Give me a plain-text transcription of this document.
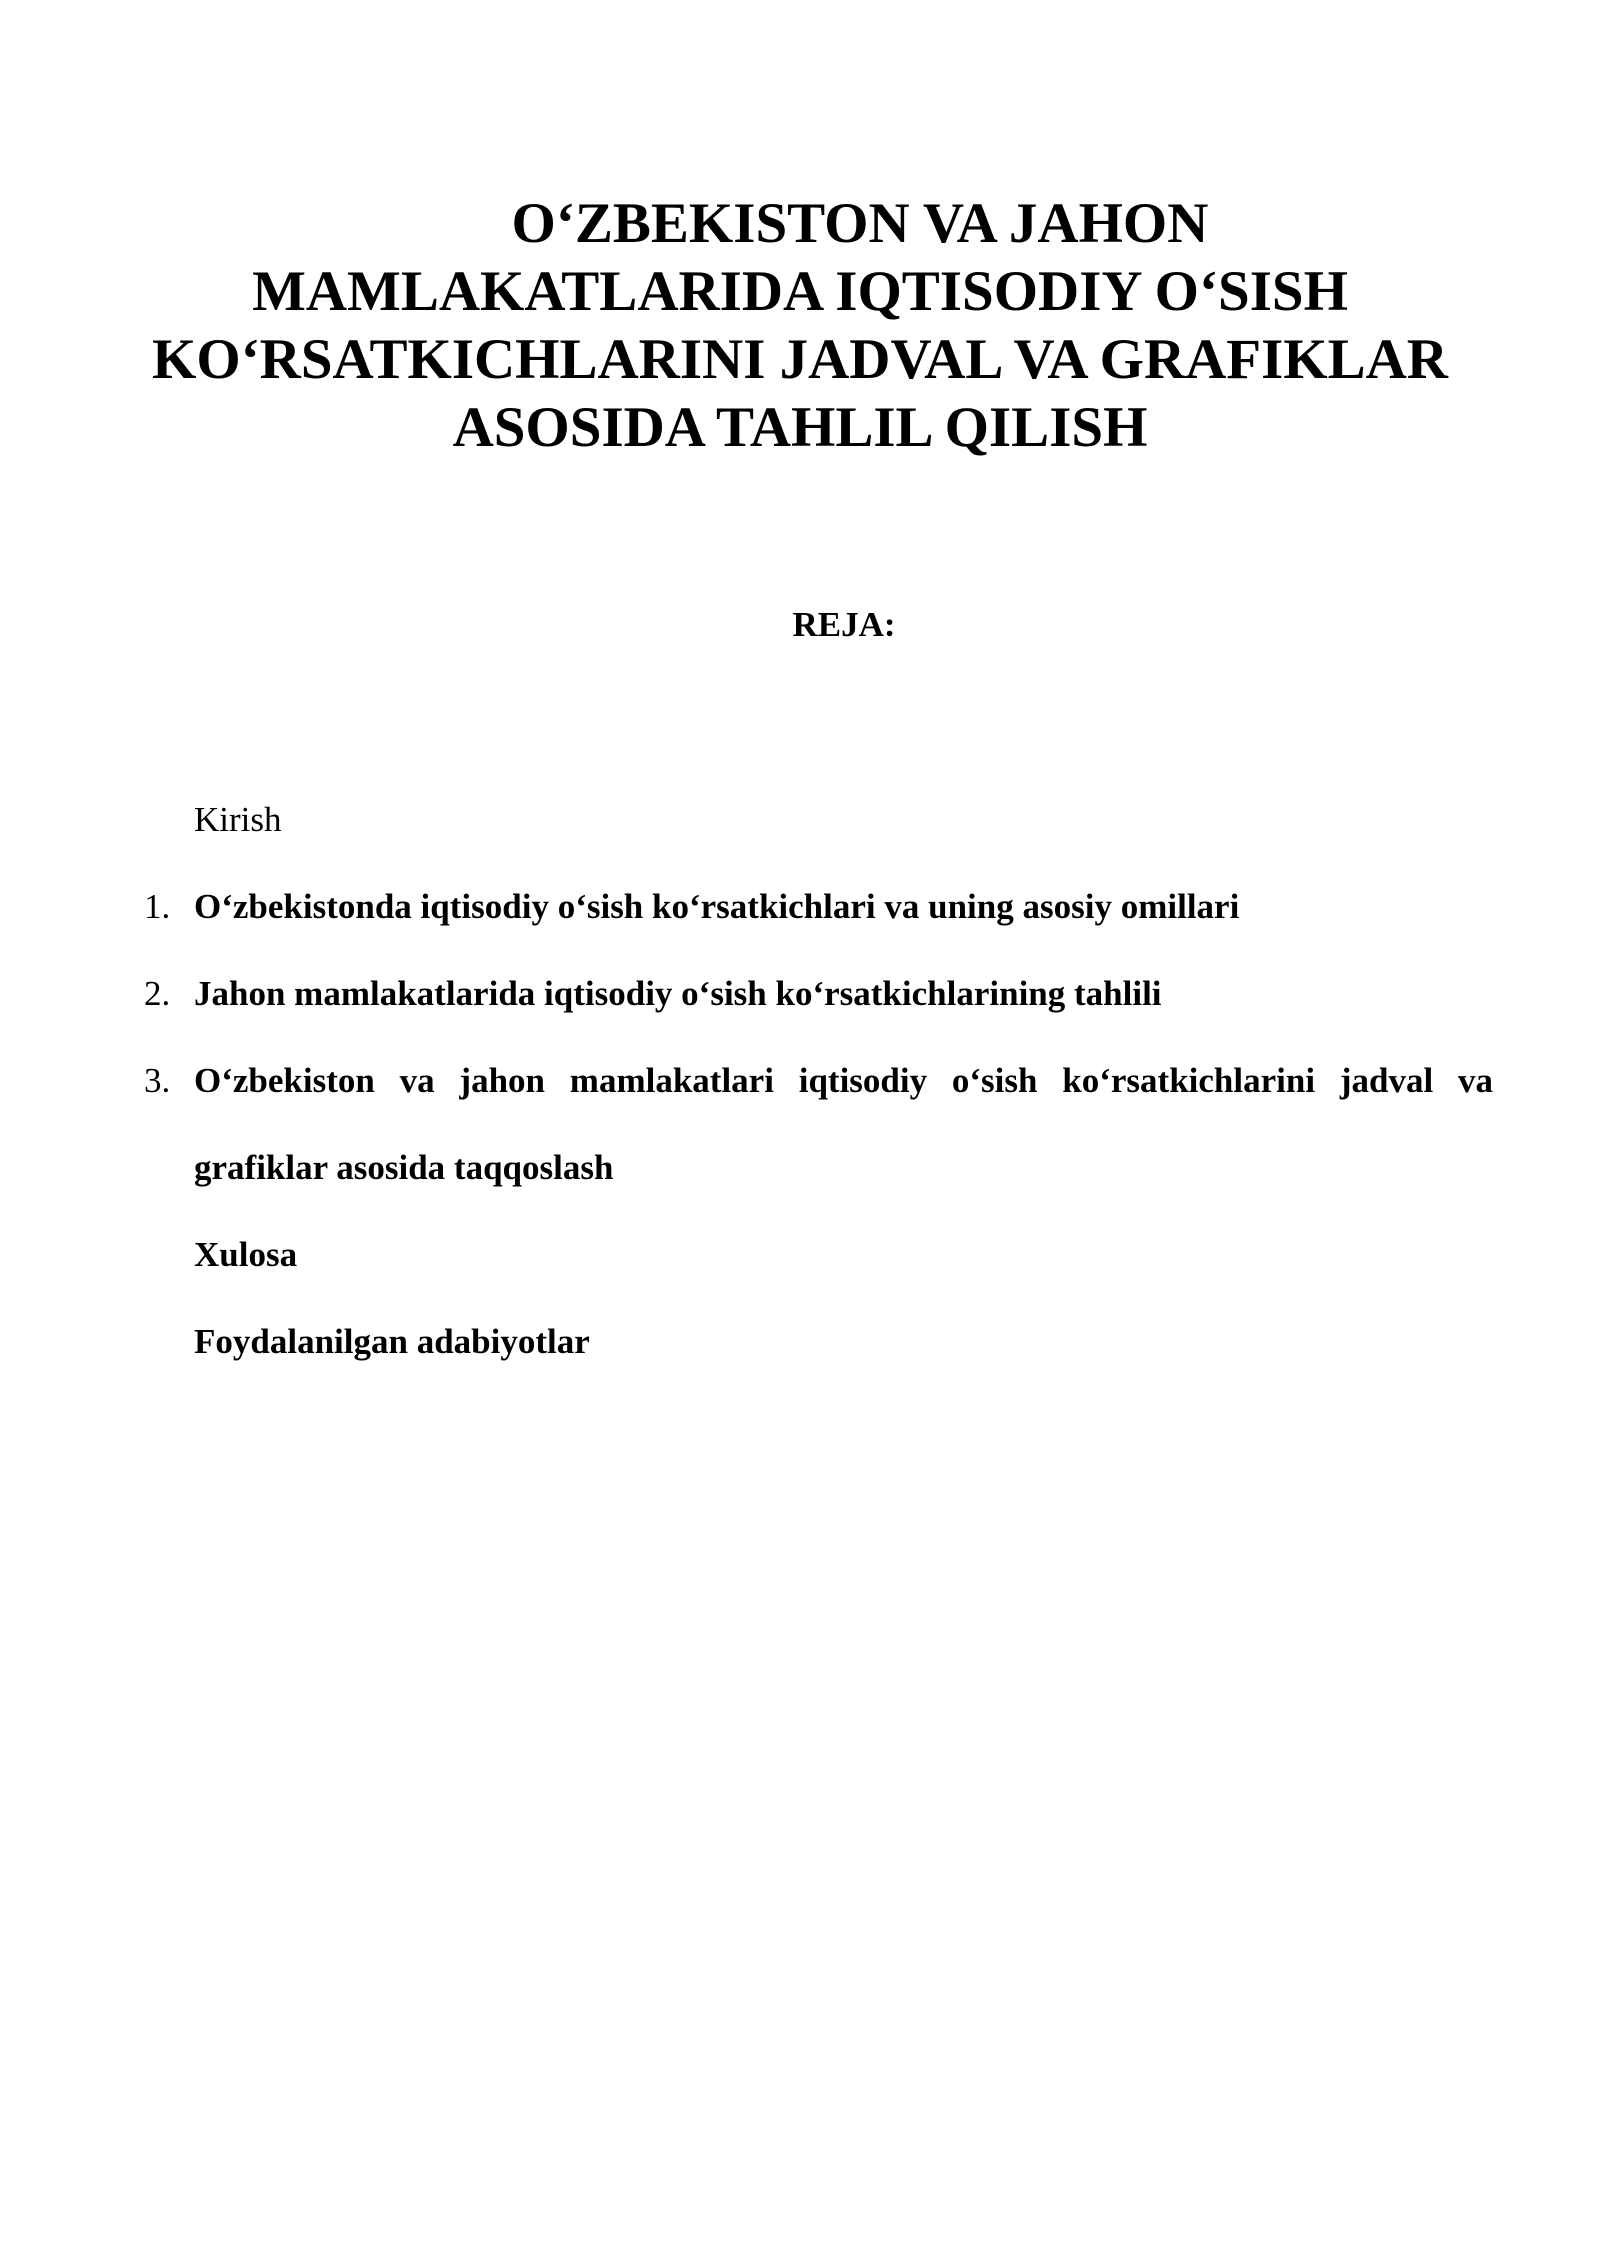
O‘ZBEKISTON VA JAHON
MAMLAKATLARIDA IQTISODIY O‘SISH
KO‘RSATKICHLARINI JADVAL VA GRAFIKLAR
ASOSIDA TAHLIL QILISH
REJA:
Kirish
1. O‘zbekistonda iqtisodiy o‘sish ko‘rsatkichlari va uning asosiy omillari
2. Jahon mamlakatlarida iqtisodiy o‘sish ko‘rsatkichlarining tahlili
3. O‘zbekiston va jahon mamlakatlari iqtisodiy o‘sish ko‘rsatkichlarini jadval va grafiklar asosida taqqoslash
Xulosa
Foydalanilgan adabiyotlar
